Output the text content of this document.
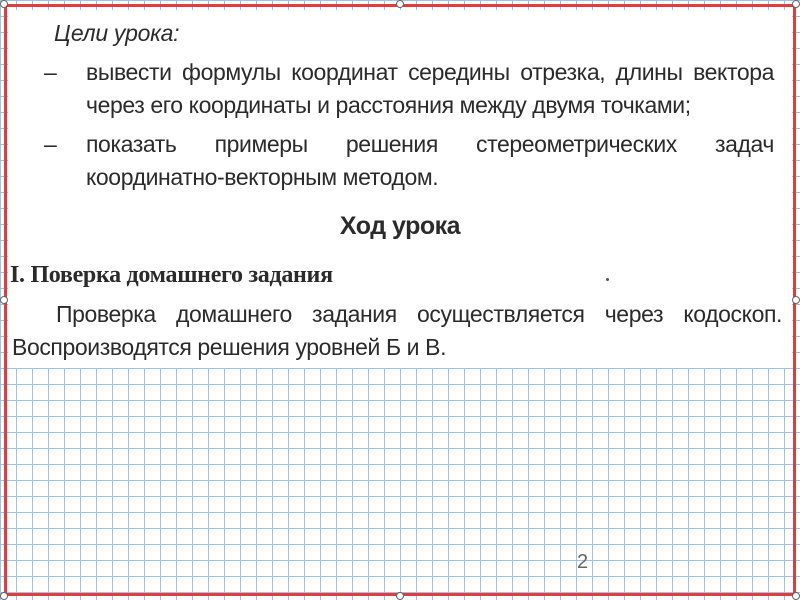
Цели урока:
– вывести формулы координат середины отрезка, длины вектора через его координаты и расстояния между двумя точками;
– показать примеры решения стереометрических задач координатно-векторным методом.
Ход урока
I. Поверка домашнего задания
Проверка домашнего задания осуществляется через кодоскоп. Воспроизводятся решения уровней Б и В.
2
